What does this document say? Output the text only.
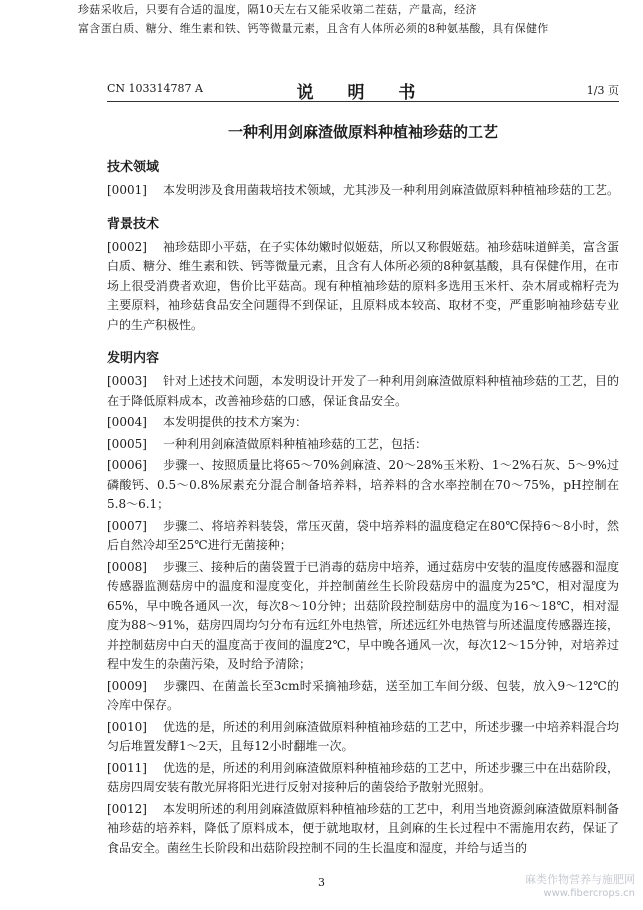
珍菇采收后，只要有合适的温度，隔10天左右又能采收第二茬菇，产量高，经济
富含蛋白质、糖分、维生素和铁、钙等微量元素，且含有人体所必须的8种氨基酸，具有保健作
CN 103314787 A	说 明 书	1/3 页
一种利用剑麻渣做原料种植袖珍菇的工艺
技术领域
[0001] 本发明涉及食用菌栽培技术领域，尤其涉及一种利用剑麻渣做原料种植袖珍菇的工艺。
背景技术
[0002] 袖珍菇即小平菇，在子实体幼嫩时似姬菇，所以又称假姬菇。袖珍菇味道鲜美，富含蛋白质、糖分、维生素和铁、钙等微量元素，且含有人体所必须的8种氨基酸，具有保健作用，在市场上很受消费者欢迎，售价比平菇高。现有种植袖珍菇的原料多选用玉米杆、杂木屑或棉籽壳为主要原料，袖珍菇食品安全问题得不到保证，且原料成本较高、取材不变，严重影响袖珍菇专业户的生产积极性。
发明内容
[0003] 针对上述技术问题，本发明设计开发了一种利用剑麻渣做原料种植袖珍菇的工艺，目的在于降低原料成本，改善袖珍菇的口感，保证食品安全。
[0004] 本发明提供的技术方案为：
[0005] 一种利用剑麻渣做原料种植袖珍菇的工艺，包括：
[0006] 步骤一、按照质量比将65～70%剑麻渣、20～28%玉米粉、1～2%石灰、5～9%过磷酸钙、0.5～0.8%尿素充分混合制备培养料，培养料的含水率控制在70～75%，pH控制在5.8～6.1；
[0007] 步骤二、将培养料装袋，常压灭菌，袋中培养料的温度稳定在80℃保持6～8小时，然后自然冷却至25℃进行无菌接种；
[0008] 步骤三、接种后的菌袋置于已消毒的菇房中培养，通过菇房中安装的温度传感器和湿度传感器监测菇房中的温度和湿度变化，并控制菌丝生长阶段菇房中的温度为25℃，相对湿度为65%，早中晚各通风一次，每次8～10分钟；出菇阶段控制菇房中的温度为16～18℃，相对湿度为88～91%，菇房四周均匀分布有远红外电热管，所述远红外电热管与所述温度传感器连接，并控制菇房中白天的温度高于夜间的温度2℃，早中晚各通风一次，每次12～15分钟，对培养过程中发生的杂菌污染，及时给予清除；
[0009] 步骤四、在菌盖长至3cm时采摘袖珍菇，送至加工车间分级、包装，放入9～12℃的冷库中保存。
[0010] 优选的是，所述的利用剑麻渣做原料种植袖珍菇的工艺中，所述步骤一中培养料混合均匀后堆置发酵1～2天，且每12小时翻堆一次。
[0011] 优选的是，所述的利用剑麻渣做原料种植袖珍菇的工艺中，所述步骤三中在出菇阶段，菇房四周安装有散光屏将阳光进行反射对接种后的菌袋给予散射光照射。
[0012] 本发明所述的利用剑麻渣做原料种植袖珍菇的工艺中，利用当地资源剑麻渣做原料制备袖珍菇的培养料，降低了原料成本，便于就地取材，且剑麻的生长过程中不需施用农药，保证了食品安全。菌丝生长阶段和出菇阶段控制不同的生长温度和湿度，并给与适当的
3	麻类作物营养与施肥网
www.fibercrops.cn
